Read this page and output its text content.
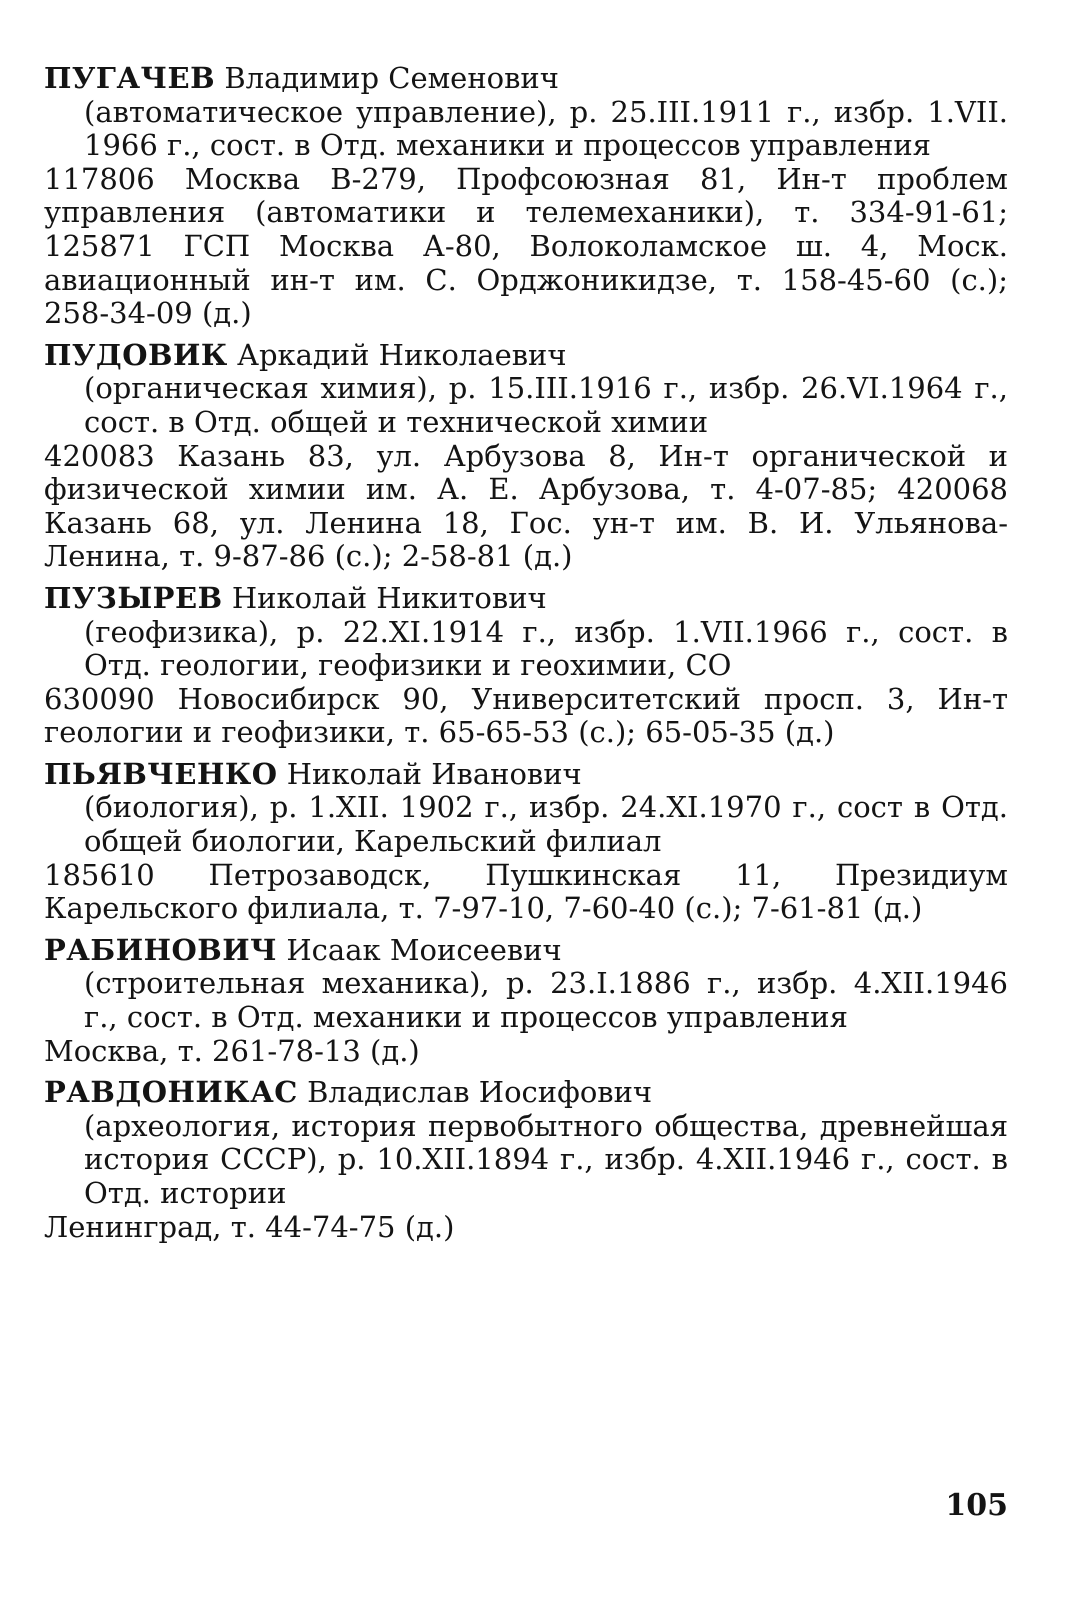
ПУГАЧЕВ Владимир Семенович
(автоматическое управление), р. 25.III.1911 г., избр. 1.VII. 1966 г., сост. в Отд. механики и процессов управления
117806 Москва В-279, Профсоюзная 81, Ин-т проблем управления (автоматики и телемеханики), т. 334-91-61; 125871 ГСП Москва А-80, Волоколамское ш. 4, Моск. авиационный ин-т им. С. Орджоникидзе, т. 158-45-60 (с.); 258-34-09 (д.)
ПУДОВИК Аркадий Николаевич
(органическая химия), р. 15.III.1916 г., избр. 26.VI.1964 г., сост. в Отд. общей и технической химии
420083 Казань 83, ул. Арбузова 8, Ин-т органической и физической химии им. А. Е. Арбузова, т. 4-07-85; 420068 Казань 68, ул. Ленина 18, Гос. ун-т им. В. И. Ульянова-Ленина, т. 9-87-86 (с.); 2-58-81 (д.)
ПУЗЫРЕВ Николай Никитович
(геофизика), р. 22.XI.1914 г., избр. 1.VII.1966 г., сост. в Отд. геологии, геофизики и геохимии, СО
630090 Новосибирск 90, Университетский просп. 3, Ин-т геологии и геофизики, т. 65-65-53 (с.); 65-05-35 (д.)
ПЬЯВЧЕНКО Николай Иванович
(биология), р. 1.XII. 1902 г., избр. 24.XI.1970 г., сост в Отд. общей биологии, Карельский филиал
185610 Петрозаводск, Пушкинская 11, Президиум Карельского филиала, т. 7-97-10, 7-60-40 (с.); 7-61-81 (д.)
РАБИНОВИЧ Исаак Моисеевич
(строительная механика), р. 23.I.1886 г., избр. 4.XII.1946 г., сост. в Отд. механики и процессов управления
Москва, т. 261-78-13 (д.)
РАВДОНИКАС Владислав Иосифович
(археология, история первобытного общества, древнейшая история СССР), р. 10.XII.1894 г., избр. 4.XII.1946 г., сост. в Отд. истории
Ленинград, т. 44-74-75 (д.)
105
